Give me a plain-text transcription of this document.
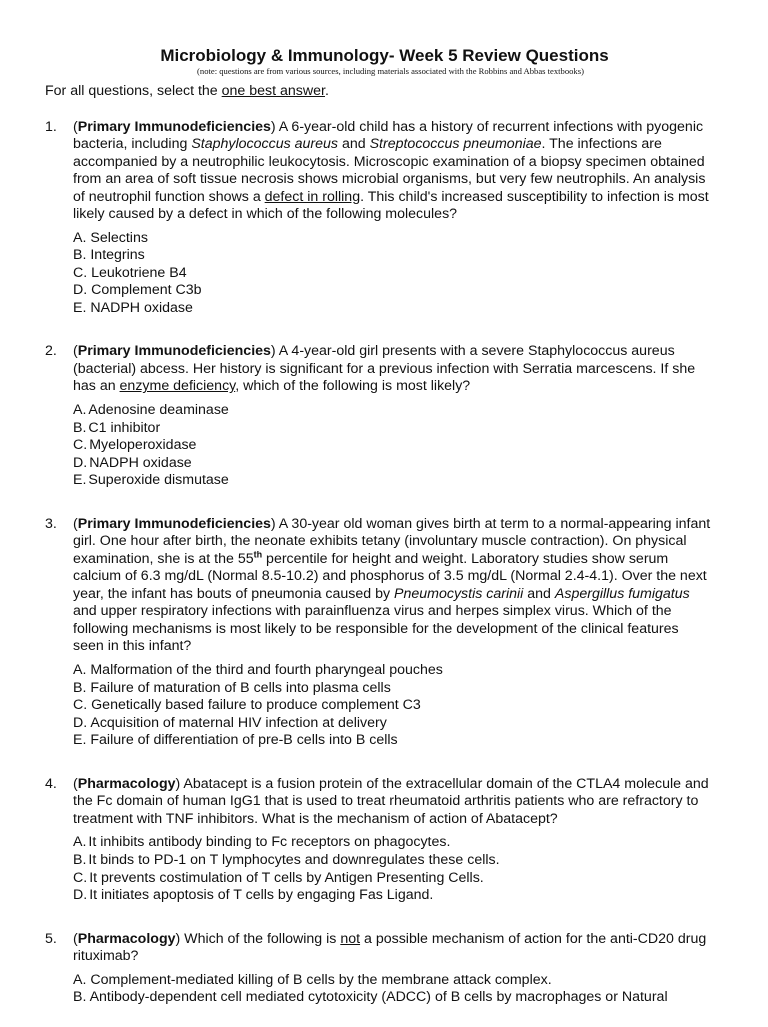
Microbiology & Immunology- Week 5 Review Questions

(note: questions are from various sources, including materials associated with the Robbins and Abbas textbooks)

For all questions, select the one best answer.

1.	(Primary Immunodeficiencies) A 6-year-old child has a history of recurrent infections with pyogenic bacteria, including Staphylococcus aureus and Streptococcus pneumoniae. The infections are accompanied by a neutrophilic leukocytosis. Microscopic examination of a biopsy specimen obtained from an area of soft tissue necrosis shows microbial organisms, but very few neutrophils. An analysis of neutrophil function shows a defect in rolling. This child's increased susceptibility to infection is most likely caused by a defect in which of the following molecules?

A. Selectins
B. Integrins
C. Leukotriene B4
D. Complement C3b
E. NADPH oxidase
2.	(Primary Immunodeficiencies) A 4-year-old girl presents with a severe Staphylococcus aureus (bacterial) abcess. Her history is significant for a previous infection with Serratia marcescens. If she has an enzyme deficiency, which of the following is most likely?

A. Adenosine deaminase
B. C1 inhibitor
C. Myeloperoxidase
D. NADPH oxidase
E. Superoxide dismutase
3.	(Primary Immunodeficiencies) A 30-year old woman gives birth at term to a normal-appearing infant girl. One hour after birth, the neonate exhibits tetany (involuntary muscle contraction). On physical examination, she is at the 55th percentile for height and weight. Laboratory studies show serum calcium of 6.3 mg/dL (Normal 8.5-10.2) and phosphorus of 3.5 mg/dL (Normal 2.4-4.1). Over the next year, the infant has bouts of pneumonia caused by Pneumocystis carinii and Aspergillus fumigatus and upper respiratory infections with parainfluenza virus and herpes simplex virus. Which of the following mechanisms is most likely to be responsible for the development of the clinical features seen in this infant?

A. Malformation of the third and fourth pharyngeal pouches
B. Failure of maturation of B cells into plasma cells
C. Genetically based failure to produce complement C3
D. Acquisition of maternal HIV infection at delivery
E. Failure of differentiation of pre-B cells into B cells
4.	(Pharmacology) Abatacept is a fusion protein of the extracellular domain of the CTLA4 molecule and the Fc domain of human IgG1 that is used to treat rheumatoid arthritis patients who are refractory to treatment with TNF inhibitors. What is the mechanism of action of Abatacept?

A. It inhibits antibody binding to Fc receptors on phagocytes.
B. It binds to PD-1 on T lymphocytes and downregulates these cells.
C. It prevents costimulation of T cells by Antigen Presenting Cells.
D. It initiates apoptosis of T cells by engaging Fas Ligand.
5.	(Pharmacology) Which of the following is not a possible mechanism of action for the anti-CD20 drug rituximab?

A. Complement-mediated killing of B cells by the membrane attack complex.
B. Antibody-dependent cell mediated cytotoxicity (ADCC) of B cells by macrophages or Natural
